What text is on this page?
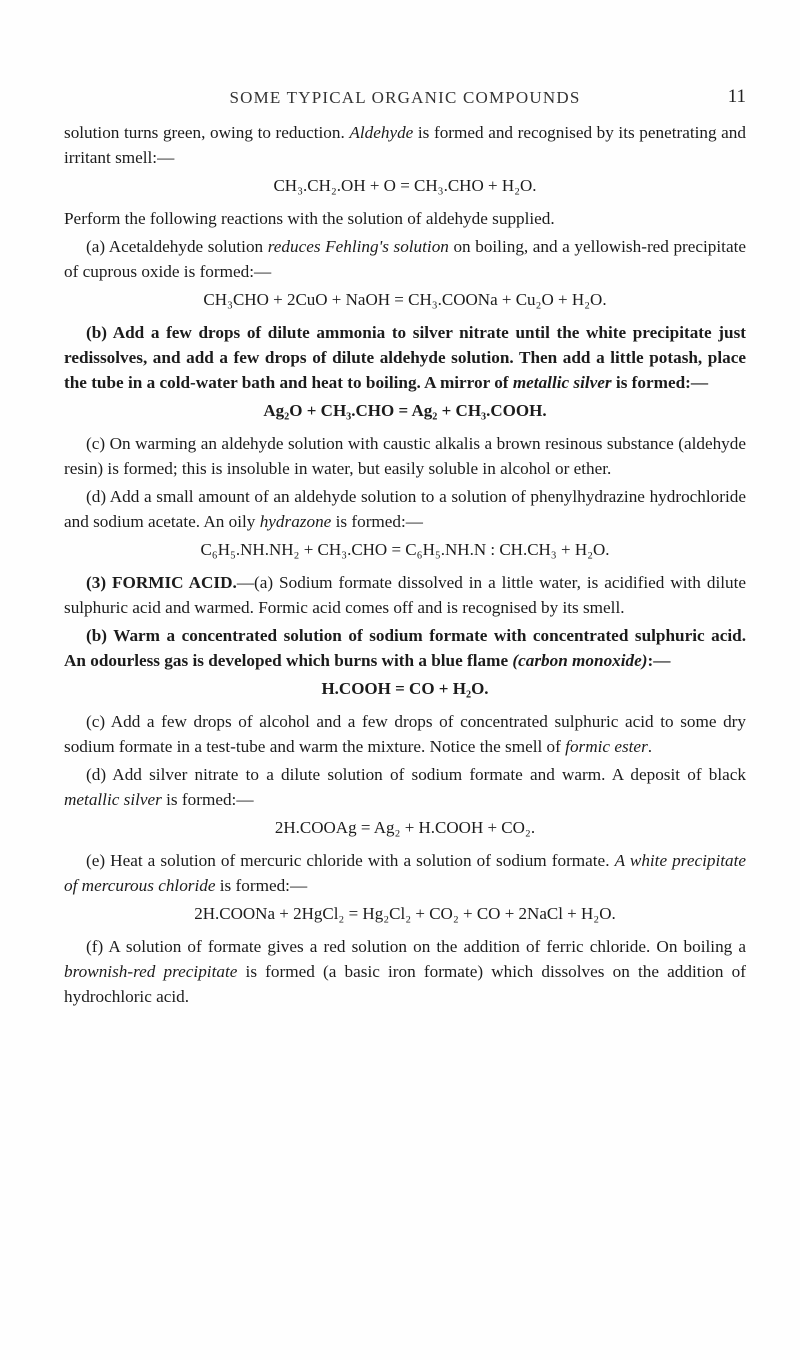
SOME TYPICAL ORGANIC COMPOUNDS	11

solution turns green, owing to reduction. Aldehyde is formed and recognised by its penetrating and irritant smell:—

CH₃.CH₂.OH + O = CH₃.CHO + H₂O.

Perform the following reactions with the solution of aldehyde supplied.

(a) Acetaldehyde solution reduces Fehling's solution on boiling, and a yellowish-red precipitate of cuprous oxide is formed:—

CH₃CHO + 2CuO + NaOH = CH₃.COONa + Cu₂O + H₂O.

(b) Add a few drops of dilute ammonia to silver nitrate until the white precipitate just redissolves, and add a few drops of dilute aldehyde solution. Then add a little potash, place the tube in a cold-water bath and heat to boiling. A mirror of metallic silver is formed:—

Ag₂O + CH₃.CHO = Ag₂ + CH₃.COOH.

(c) On warming an aldehyde solution with caustic alkalis a brown resinous substance (aldehyde resin) is formed; this is insoluble in water, but easily soluble in alcohol or ether.

(d) Add a small amount of an aldehyde solution to a solution of phenylhydrazine hydrochloride and sodium acetate. An oily hydrazone is formed:—

C₆H₅.NH.NH₂ + CH₃.CHO = C₆H₅.NH.N : CH.CH₃ + H₂O.

(3) FORMIC ACID.—(a) Sodium formate dissolved in a little water, is acidified with dilute sulphuric acid and warmed. Formic acid comes off and is recognised by its smell.

(b) Warm a concentrated solution of sodium formate with concentrated sulphuric acid. An odourless gas is developed which burns with a blue flame (carbon monoxide):—

H.COOH = CO + H₂O.

(c) Add a few drops of alcohol and a few drops of concentrated sulphuric acid to some dry sodium formate in a test-tube and warm the mixture. Notice the smell of formic ester.

(d) Add silver nitrate to a dilute solution of sodium formate and warm. A deposit of black metallic silver is formed:—

2H.COOAg = Ag₂ + H.COOH + CO₂.

(e) Heat a solution of mercuric chloride with a solution of sodium formate. A white precipitate of mercurous chloride is formed:—

2H.COONa + 2HgCl₂ = Hg₂Cl₂ + CO₂ + CO + 2NaCl + H₂O.

(f) A solution of formate gives a red solution on the addition of ferric chloride. On boiling a brownish-red precipitate is formed (a basic iron formate) which dissolves on the addition of hydrochloric acid.
